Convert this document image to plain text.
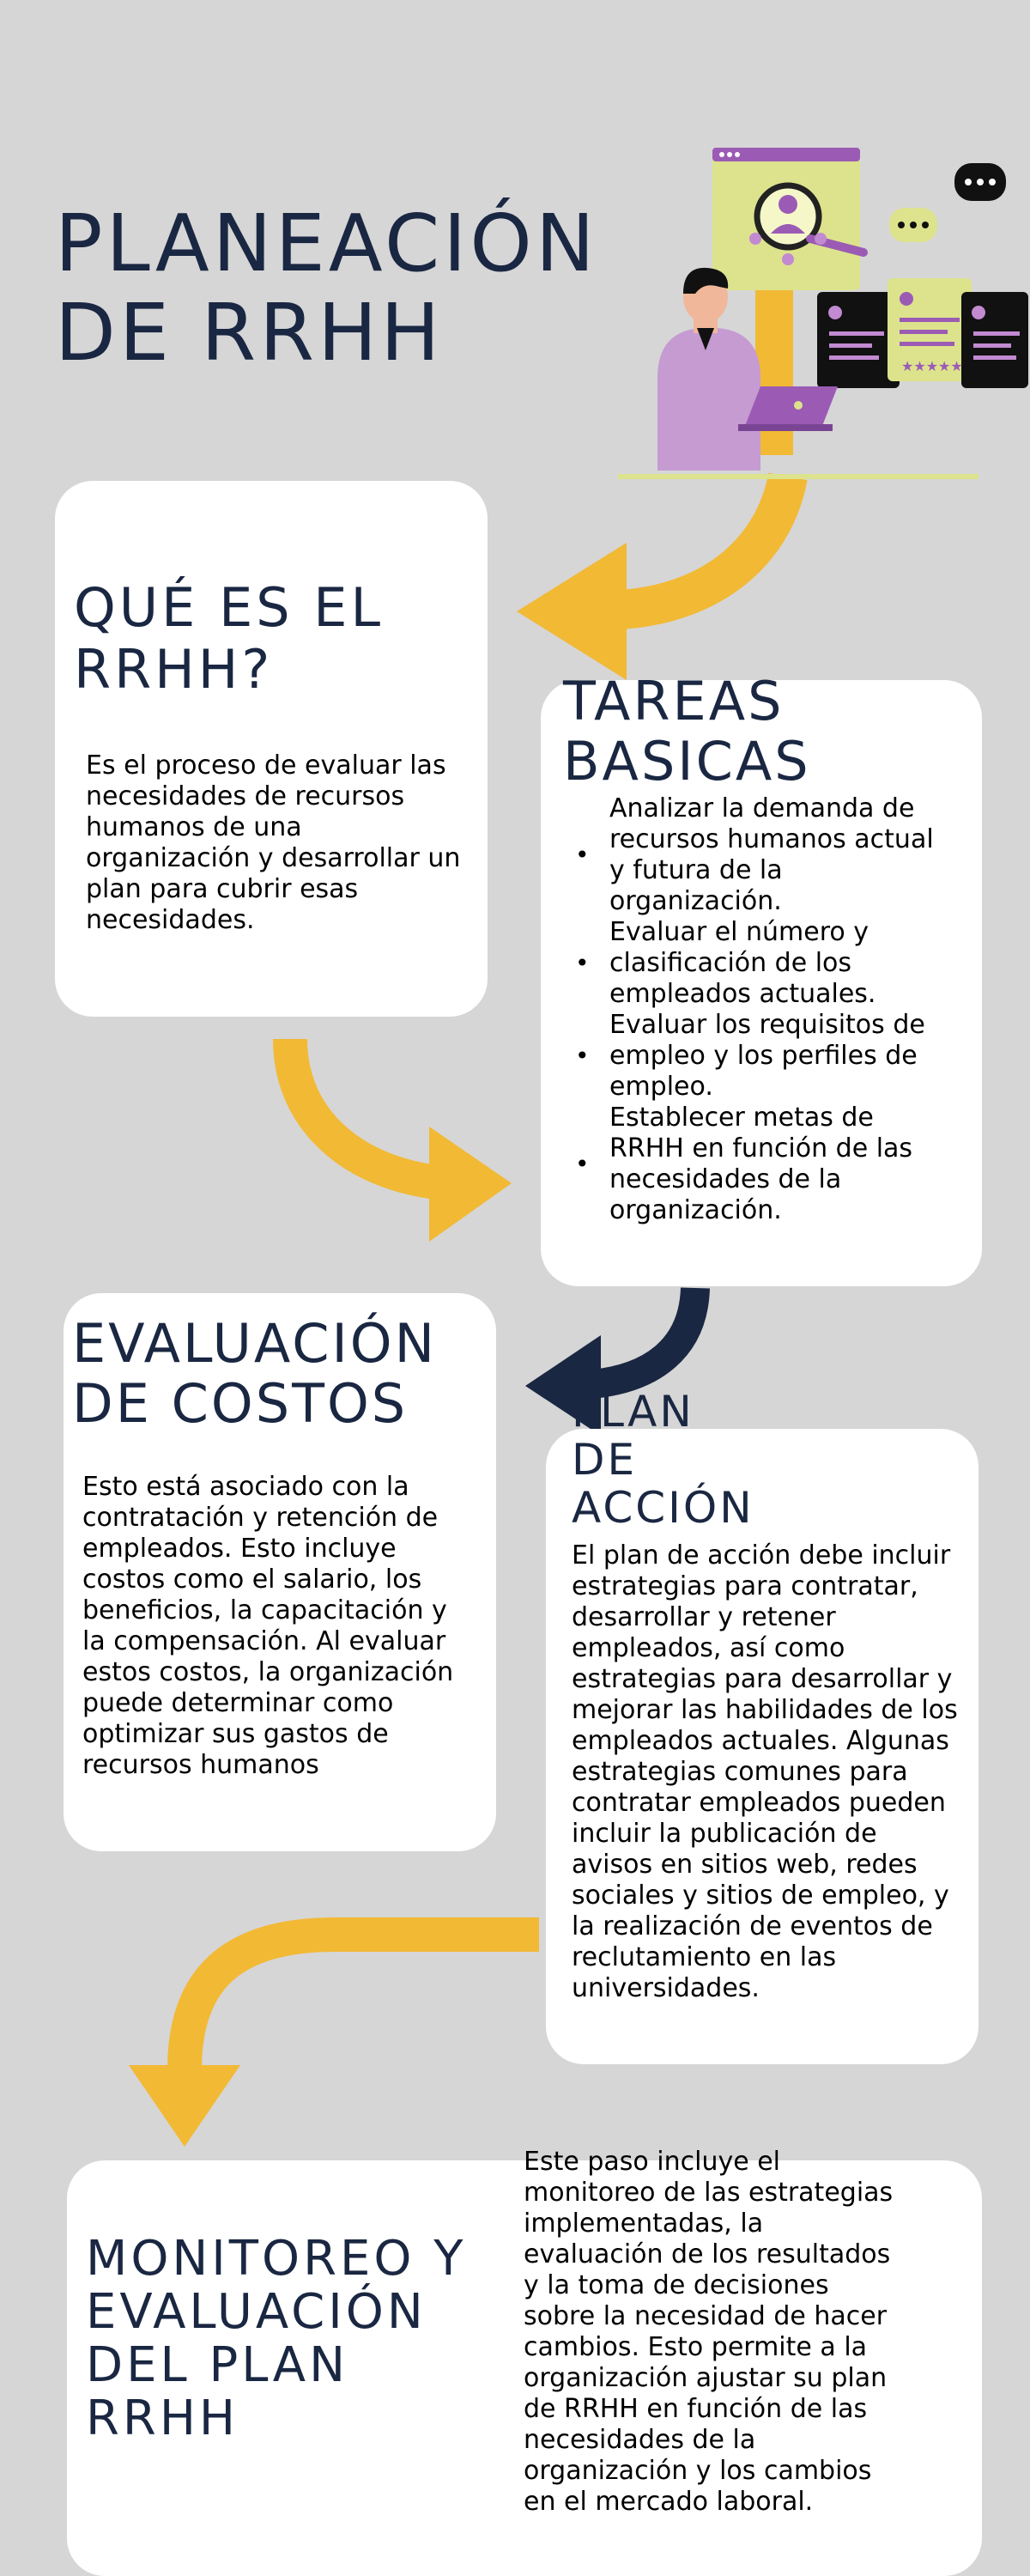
PLANEACIÓN
DE RRHH	★★★★★
QUÉ ES EL
RRHH?

Es el proceso de evaluar las necesidades de recursos humanos de una organización y desarrollar un plan para cubrir esas necesidades.

TAREAS
BASICAS
• Analizar la demanda de recursos humanos actual y futura de la organización.
• Evaluar el número y clasificación de los empleados actuales.
• Evaluar los requisitos de empleo y los perfiles de empleo.
• Establecer metas de RRHH en función de las necesidades de la organización.
EVALUACIÓN
DE COSTOS

Esto está asociado con la contratación y retención de empleados. Esto incluye costos como el salario, los beneficios, la capacitación y la compensación. Al evaluar estos costos, la organización puede determinar como optimizar sus gastos de recursos humanos

PLAN
DE
ACCIÓN

El plan de acción debe incluir estrategias para contratar, desarrollar y retener empleados, así como estrategias para desarrollar y mejorar las habilidades de los empleados actuales. Algunas estrategias comunes para contratar empleados pueden incluir la publicación de avisos en sitios web, redes sociales y sitios de empleo, y la realización de eventos de reclutamiento en las universidades.

MONITOREO Y
EVALUACIÓN
DEL PLAN
RRHH

Este paso incluye el monitoreo de las estrategias implementadas, la evaluación de los resultados y la toma de decisiones sobre la necesidad de hacer cambios. Esto permite a la organización ajustar su plan de RRHH en función de las necesidades de la organización y los cambios en el mercado laboral.
